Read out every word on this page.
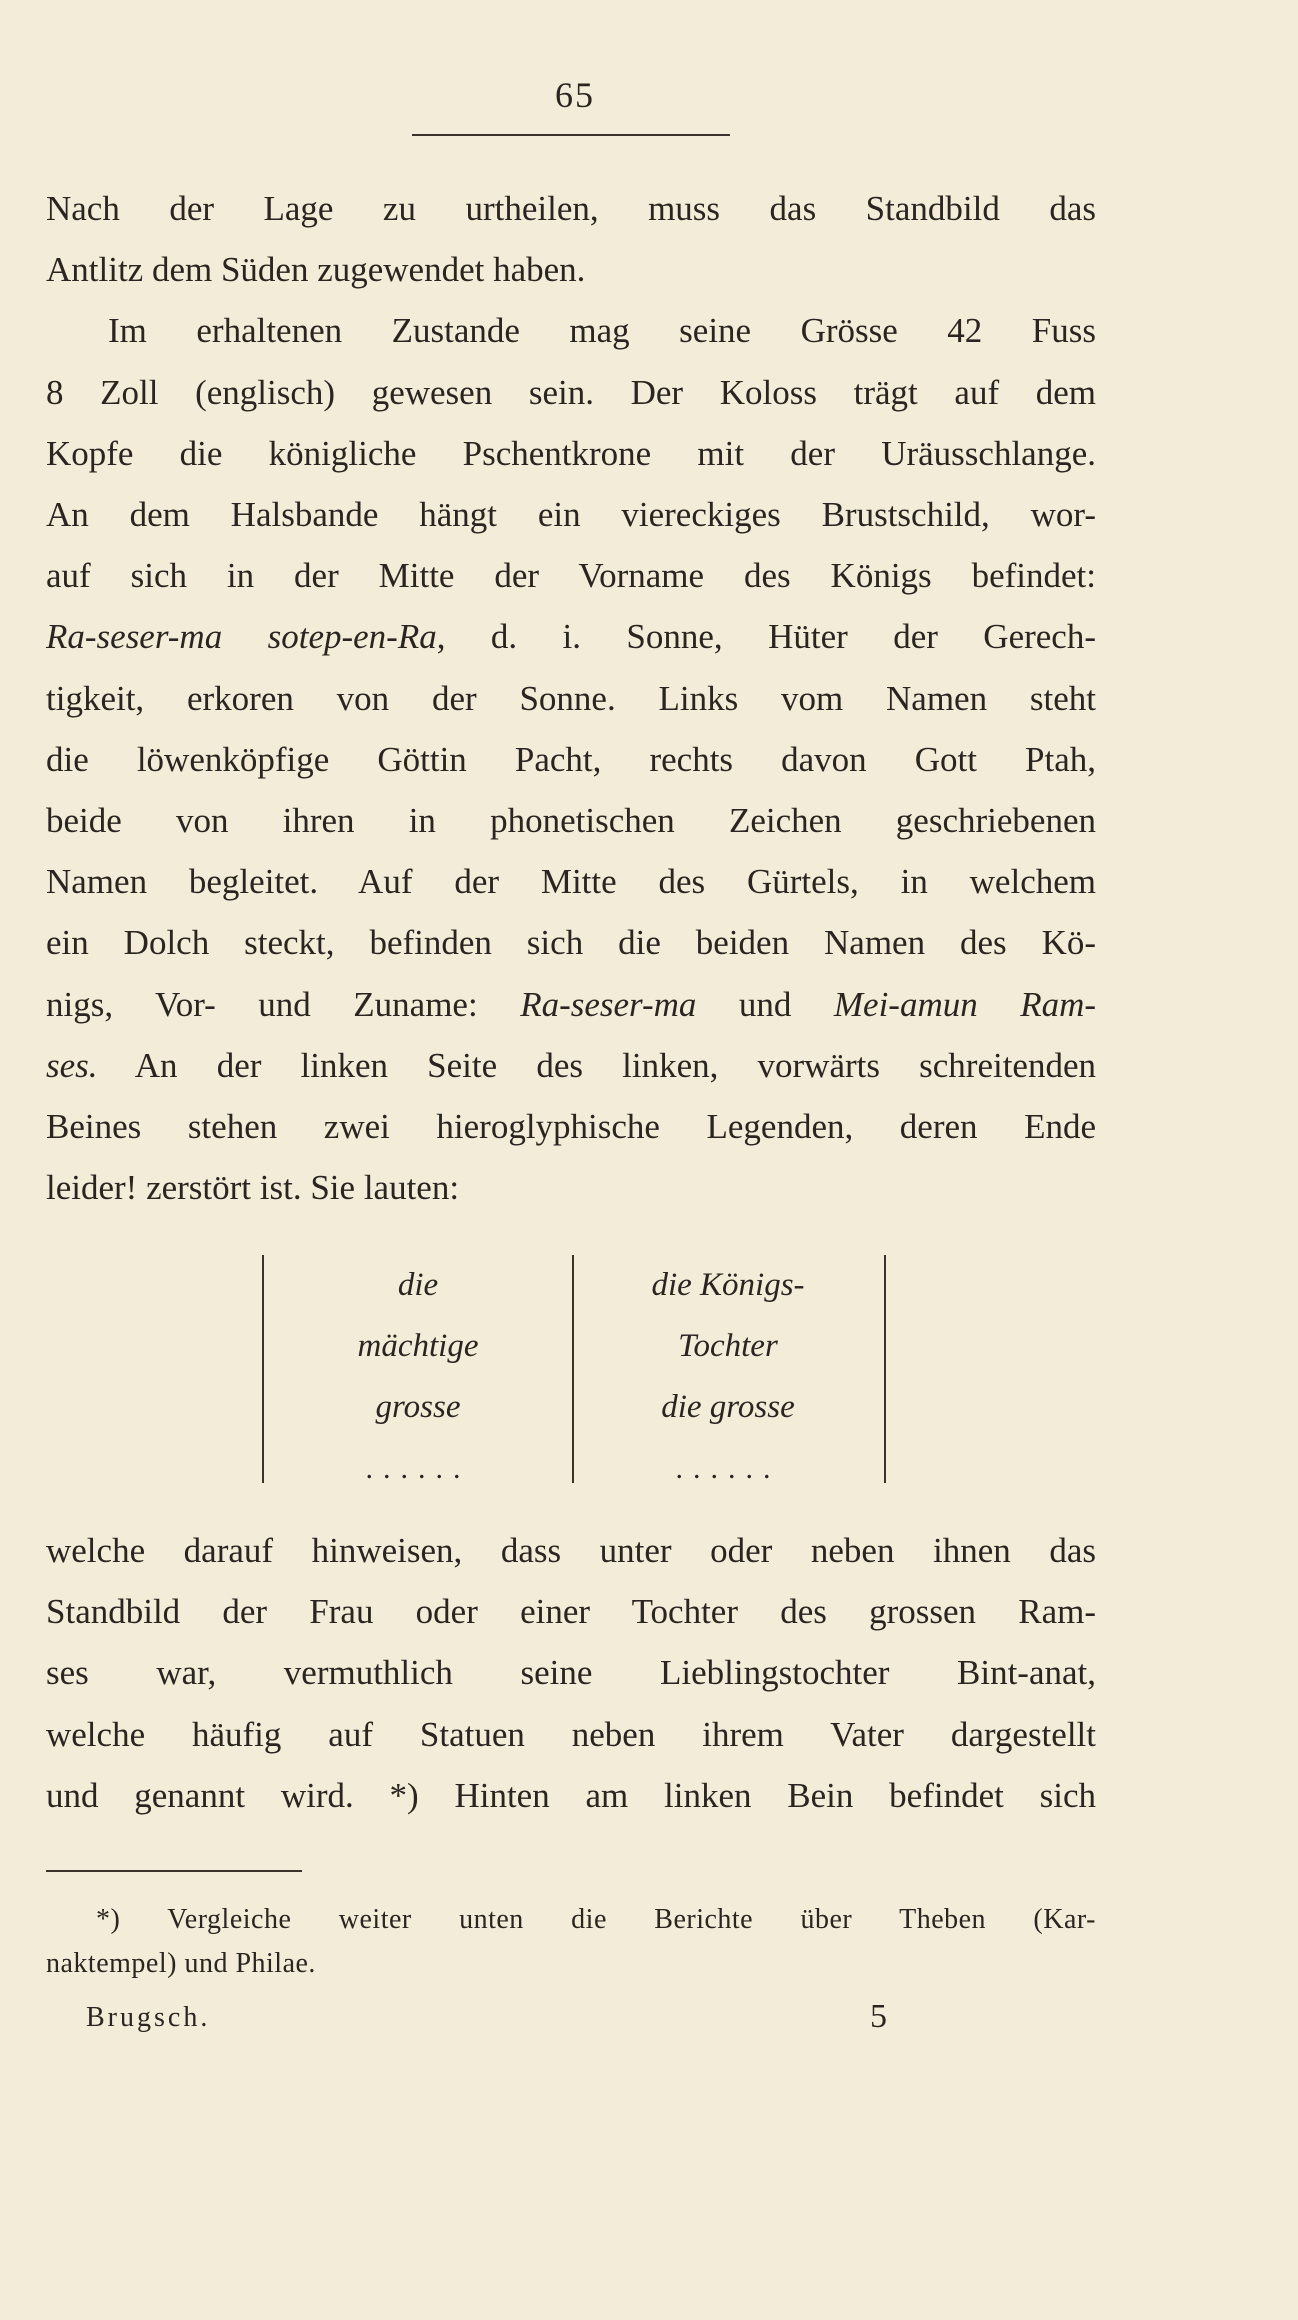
65
Nach der Lage zu urtheilen, muss das Standbild das
Antlitz dem Süden zugewendet haben.
Im erhaltenen Zustande mag seine Grösse 42 Fuss
8 Zoll (englisch) gewesen sein. Der Koloss trägt auf dem
Kopfe die königliche Pschentkrone mit der Uräusschlange.
An dem Halsbande hängt ein viereckiges Brustschild, wor-
auf sich in der Mitte der Vorname des Königs befindet:
Ra-seser-ma sotep-en-Ra, d. i. Sonne, Hüter der Gerech-
tigkeit, erkoren von der Sonne. Links vom Namen steht
die löwenköpfige Göttin Pacht, rechts davon Gott Ptah,
beide von ihren in phonetischen Zeichen geschriebenen
Namen begleitet. Auf der Mitte des Gürtels, in welchem
ein Dolch steckt, befinden sich die beiden Namen des Kö-
nigs, Vor- und Zuname: Ra-seser-ma und Mei-amun Ram-
ses. An der linken Seite des linken, vorwärts schreitenden
Beines stehen zwei hieroglyphische Legenden, deren Ende
leider! zerstört ist. Sie lauten:
die
mächtige
grosse
......
die Königs-
Tochter
die grosse
......
welche darauf hinweisen, dass unter oder neben ihnen das
Standbild der Frau oder einer Tochter des grossen Ram-
ses war, vermuthlich seine Lieblingstochter Bint-anat,
welche häufig auf Statuen neben ihrem Vater dargestellt
und genannt wird. *) Hinten am linken Bein befindet sich
*) Vergleiche weiter unten die Berichte über Theben (Kar-
naktempel) und Philae.
Brugsch.	5
